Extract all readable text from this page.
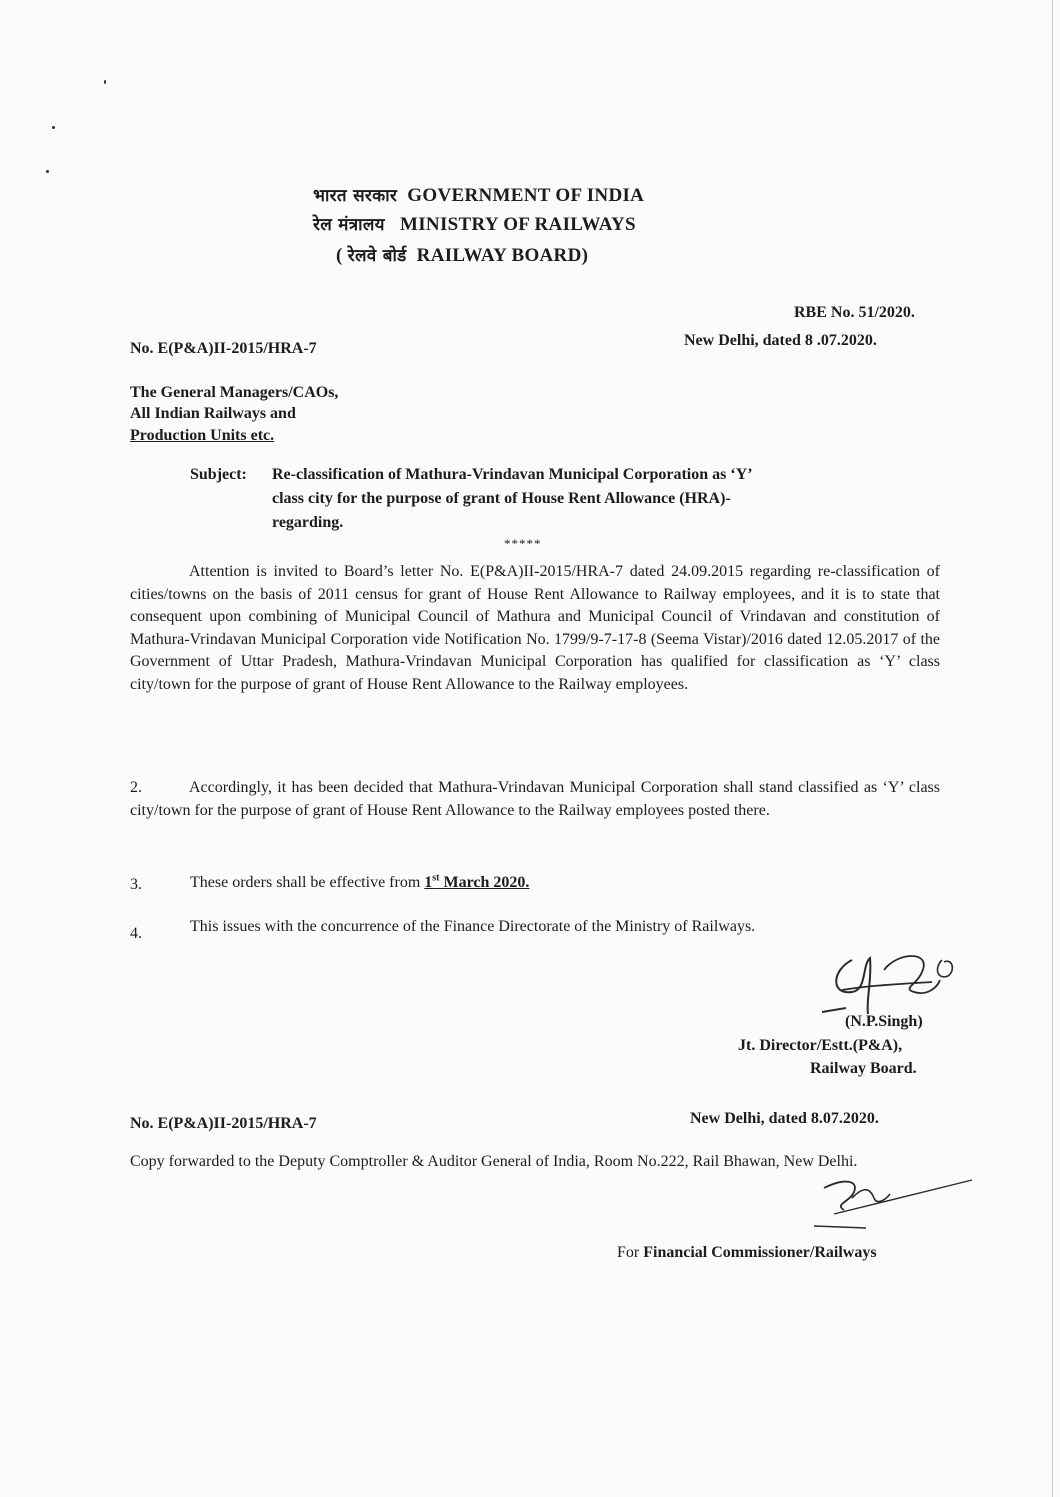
भारत सरकार GOVERNMENT OF INDIA
रेल मंत्रालय MINISTRY OF RAILWAYS
( रेलवे बोर्ड RAILWAY BOARD)
RBE No. 51/2020.
No. E(P&A)II-2015/HRA-7	New Delhi, dated 8 .07.2020.
The General Managers/CAOs,
All Indian Railways and
Production Units etc.
Subject: Re-classification of Mathura-Vrindavan Municipal Corporation as ‘Y’
class city for the purpose of grant of House Rent Allowance (HRA)-
regarding.
*****
Attention is invited to Board’s letter No. E(P&A)II-2015/HRA-7 dated 24.09.2015 regarding re-classification of cities/towns on the basis of 2011 census for grant of House Rent Allowance to Railway employees, and it is to state that consequent upon combining of Municipal Council of Mathura and Municipal Council of Vrindavan and constitution of Mathura-Vrindavan Municipal Corporation vide Notification No. 1799/9-7-17-8 (Seema Vistar)/2016 dated 12.05.2017 of the Government of Uttar Pradesh, Mathura-Vrindavan Municipal Corporation has qualified for classification as ‘Y’ class city/town for the purpose of grant of House Rent Allowance to the Railway employees.
2.	Accordingly, it has been decided that Mathura-Vrindavan Municipal Corporation shall stand classified as ‘Y’ class city/town for the purpose of grant of House Rent Allowance to the Railway employees posted there.
3.	These orders shall be effective from 1st March 2020.
4.	This issues with the concurrence of the Finance Directorate of the Ministry of Railways.
(N.P.Singh)
Jt. Director/Estt.(P&A),
Railway Board.
No. E(P&A)II-2015/HRA-7	New Delhi, dated 8.07.2020.
Copy forwarded to the Deputy Comptroller & Auditor General of India, Room No.222, Rail Bhawan, New Delhi.
For Financial Commissioner/Railways
